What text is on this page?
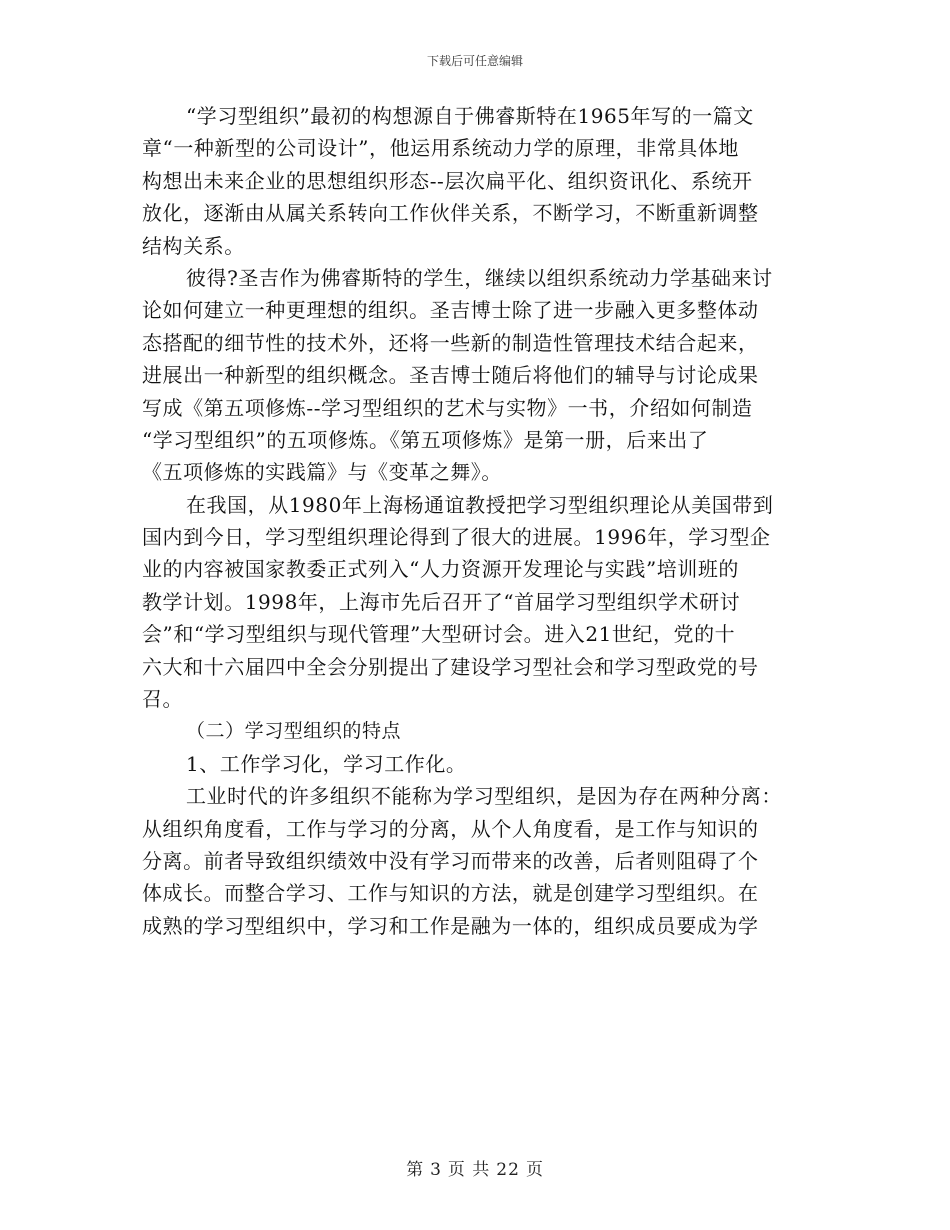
下载后可任意编辑
“学习型组织”最初的构想源自于佛睿斯特在1965年写的一篇文
章“一种新型的公司设计”，他运用系统动力学的原理，非常具体地
构想出未来企业的思想组织形态--层次扁平化、组织资讯化、系统开
放化，逐渐由从属关系转向工作伙伴关系，不断学习，不断重新调整
结构关系。
彼得?圣吉作为佛睿斯特的学生，继续以组织系统动力学基础来讨
论如何建立一种更理想的组织。圣吉博士除了进一步融入更多整体动
态搭配的细节性的技术外，还将一些新的制造性管理技术结合起来，
进展出一种新型的组织概念。圣吉博士随后将他们的辅导与讨论成果
写成《第五项修炼--学习型组织的艺术与实物》一书，介绍如何制造
“学习型组织”的五项修炼。《第五项修炼》是第一册，后来出了
《五项修炼的实践篇》与《变革之舞》。
在我国，从1980年上海杨通谊教授把学习型组织理论从美国带到
国内到今日，学习型组织理论得到了很大的进展。1996年，学习型企
业的内容被国家教委正式列入“人力资源开发理论与实践”培训班的
教学计划。1998年，上海市先后召开了“首届学习型组织学术研讨
会”和“学习型组织与现代管理”大型研讨会。进入21世纪，党的十
六大和十六届四中全会分别提出了建设学习型社会和学习型政党的号
召。
（二）学习型组织的特点
1、工作学习化，学习工作化。
工业时代的许多组织不能称为学习型组织，是因为存在两种分离：
从组织角度看，工作与学习的分离，从个人角度看，是工作与知识的
分离。前者导致组织绩效中没有学习而带来的改善，后者则阻碍了个
体成长。而整合学习、工作与知识的方法，就是创建学习型组织。在
成熟的学习型组织中，学习和工作是融为一体的，组织成员要成为学
第 3 页 共 22 页
